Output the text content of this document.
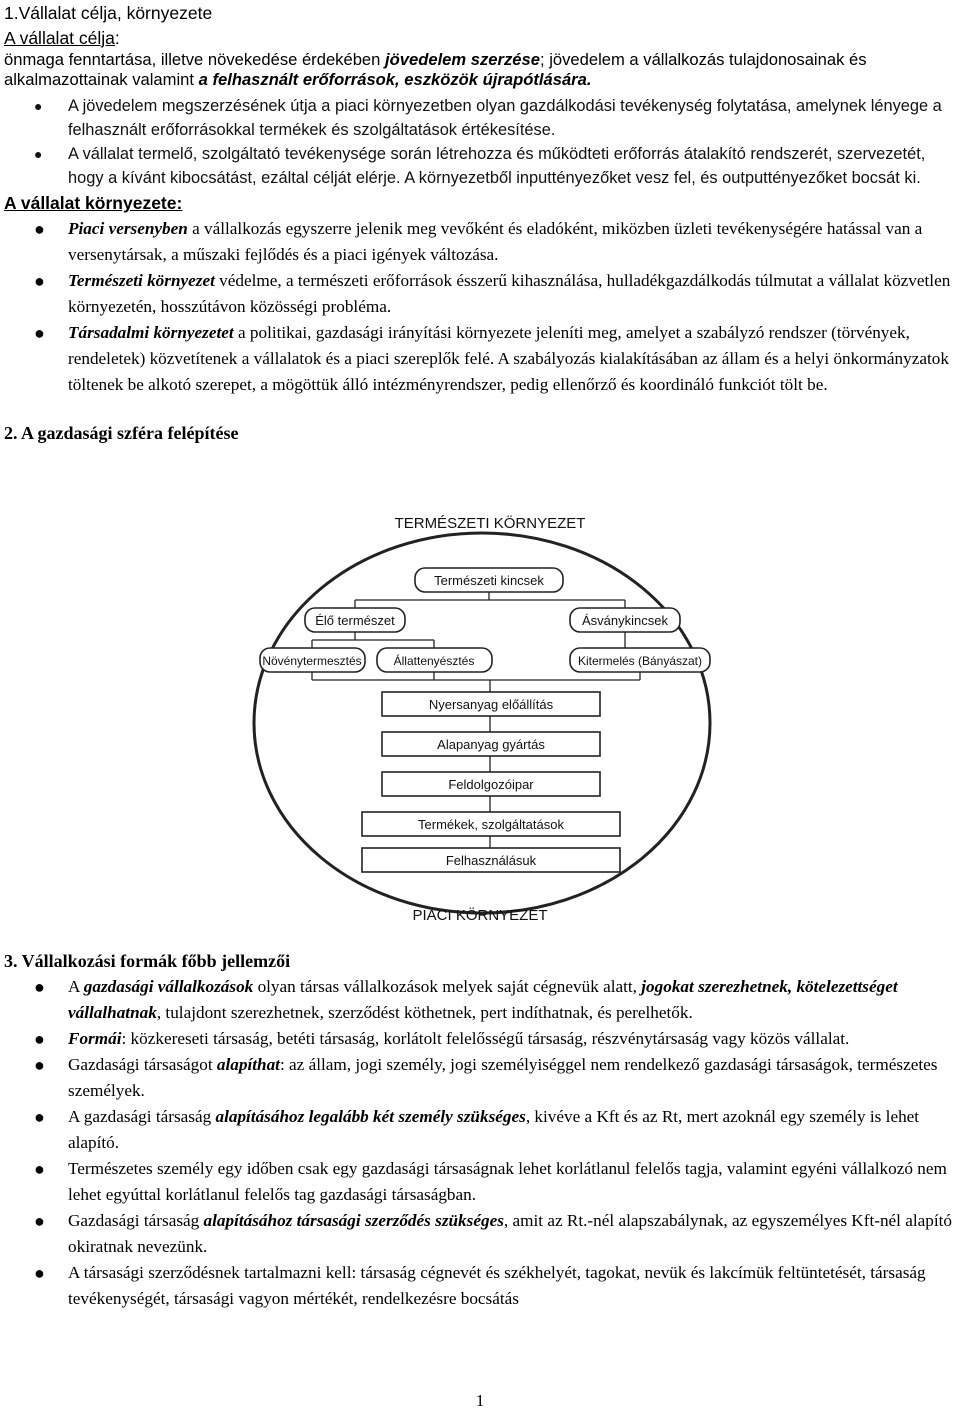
1.Vállalat célja, környezete
A vállalat célja:
önmaga fenntartása, illetve növekedése érdekében jövedelem szerzése; jövedelem a vállalkozás tulajdonosainak és alkalmazottainak valamint a felhasznált erőforrások, eszközök újrapótlására.
● A jövedelem megszerzésének útja a piaci környezetben olyan gazdálkodási tevékenység folytatása, amelynek lényege a felhasznált erőforrásokkal termékek és szolgáltatások értékesítése.
● A vállalat termelő, szolgáltató tevékenysége során létrehozza és működteti erőforrás átalakító rendszerét, szervezetét, hogy a kívánt kibocsátást, ezáltal célját elérje. A környezetből inputtényezőket vesz fel, és outputtényezőket bocsát ki.
A vállalat környezete:
● Piaci versenyben a vállalkozás egyszerre jelenik meg vevőként és eladóként, miközben üzleti tevékenységére hatással van a versenytársak, a műszaki fejlődés és a piaci igények változása.
● Természeti környezet védelme, a természeti erőforrások ésszerű kihasználása, hulladékgazdálkodás túlmutat a vállalat közvetlen környezetén, hosszútávon közösségi probléma.
● Társadalmi környezetet a politikai, gazdasági irányítási környezete jeleníti meg, amelyet a szabályzó rendszer (törvények, rendeletek) közvetítenek a vállalatok és a piaci szereplők felé. A szabályozás kialakításában az állam és a helyi önkormányzatok töltenek be alkotó szerepet, a mögöttük álló intézményrendszer, pedig ellenőrző és koordináló funkciót tölt be.
2. A gazdasági szféra felépítése
TERMÉSZETI KÖRNYEZET
Természeti kincsek
Élő természet	Ásványkincsek
Növénytermesztés	Állattenyésztés	Kitermelés (Bányászat)
Nyersanyag előállítás
Alapanyag gyártás
Feldolgozóipar
Termékek, szolgáltatások
Felhasználásuk
PIACI KÖRNYEZET
3. Vállalkozási formák főbb jellemzői
● A gazdasági vállalkozások olyan társas vállalkozások melyek saját cégnevük alatt, jogokat szerezhetnek, kötelezettséget vállalhatnak, tulajdont szerezhetnek, szerződést köthetnek, pert indíthatnak, és perelhetők.
● Formái: közkereseti társaság, betéti társaság, korlátolt felelősségű társaság, részvénytársaság vagy közös vállalat.
● Gazdasági társaságot alapíthat: az állam, jogi személy, jogi személyiséggel nem rendelkező gazdasági társaságok, természetes személyek.
● A gazdasági társaság alapításához legalább két személy szükséges, kivéve a Kft és az Rt, mert azoknál egy személy is lehet alapító.
● Természetes személy egy időben csak egy gazdasági társaságnak lehet korlátlanul felelős tagja, valamint egyéni vállalkozó nem lehet egyúttal korlátlanul felelős tag gazdasági társaságban.
● Gazdasági társaság alapításához társasági szerződés szükséges, amit az Rt.-nél alapszabálynak, az egyszemélyes Kft-nél alapító okiratnak nevezünk.
● A társasági szerződésnek tartalmazni kell: társaság cégnevét és székhelyét, tagokat, nevük és lakcímük feltüntetését, társaság tevékenységét, társasági vagyon mértékét, rendelkezésre bocsátás
1
